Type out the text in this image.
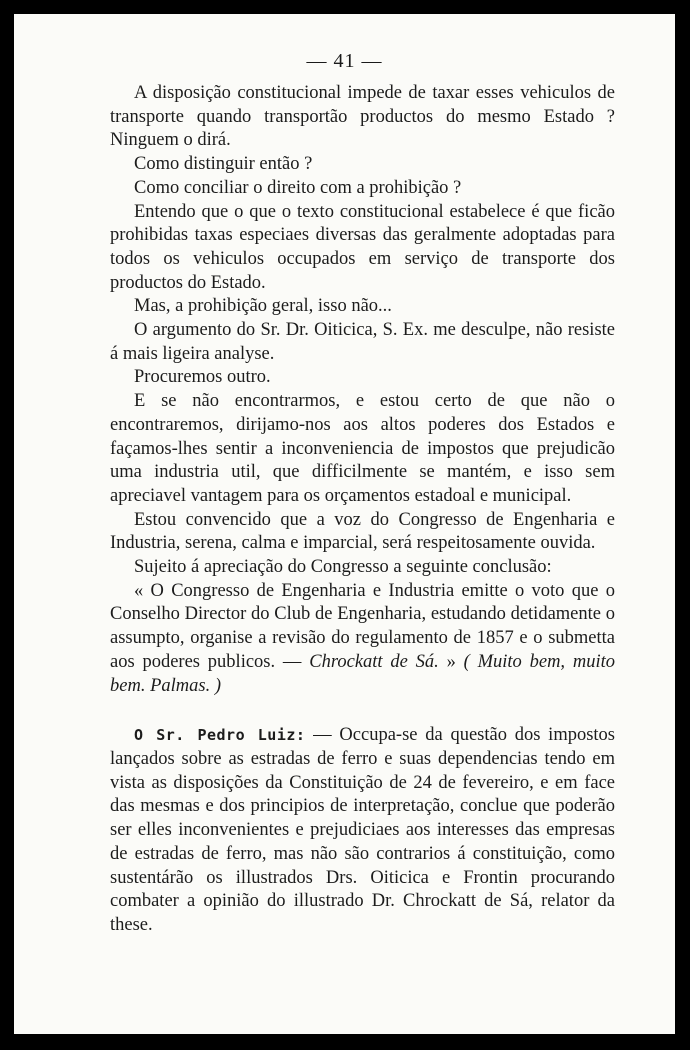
— 41 —

A disposição constitucional impede de taxar esses vehiculos de transporte quando transportão productos do mesmo Estado ? Ninguem o dirá.

Como distinguir então ?

Como conciliar o direito com a prohibição ?

Entendo que o que o texto constitucional estabelece é que ficão prohibidas taxas especiaes diversas das geralmente adoptadas para todos os vehiculos occupados em serviço de transporte dos productos do Estado.

Mas, a prohibição geral, isso não...

O argumento do Sr. Dr. Oiticica, S. Ex. me desculpe, não resiste á mais ligeira analyse.

Procuremos outro.

E se não encontrarmos, e estou certo de que não o encontraremos, dirijamo-nos aos altos poderes dos Estados e façamos-lhes sentir a inconveniencia de impostos que prejudicão uma industria util, que difficilmente se mantém, e isso sem apreciavel vantagem para os orçamentos estadoal e municipal.

Estou convencido que a voz do Congresso de Engenharia e Industria, serena, calma e imparcial, será respeitosamente ouvida.

Sujeito á apreciação do Congresso a seguinte conclusão:

« O Congresso de Engenharia e Industria emitte o voto que o Conselho Director do Club de Engenharia, estudando detidamente o assumpto, organise a revisão do regulamento de 1857 e o submetta aos poderes publicos. — Chrockatt de Sá. » ( Muito bem, muito bem. Palmas. )

O Sr. Pedro Luiz: — Occupa-se da questão dos impostos lançados sobre as estradas de ferro e suas dependencias tendo em vista as disposições da Constituição de 24 de fevereiro, e em face das mesmas e dos principios de interpretação, conclue que poderão ser elles inconvenientes e prejudiciaes aos interesses das empresas de estradas de ferro, mas não são contrarios á constituição, como sustentárão os illustrados Drs. Oiticica e Frontin procurando combater a opinião do illustrado Dr. Chrockatt de Sá, relator da these.
